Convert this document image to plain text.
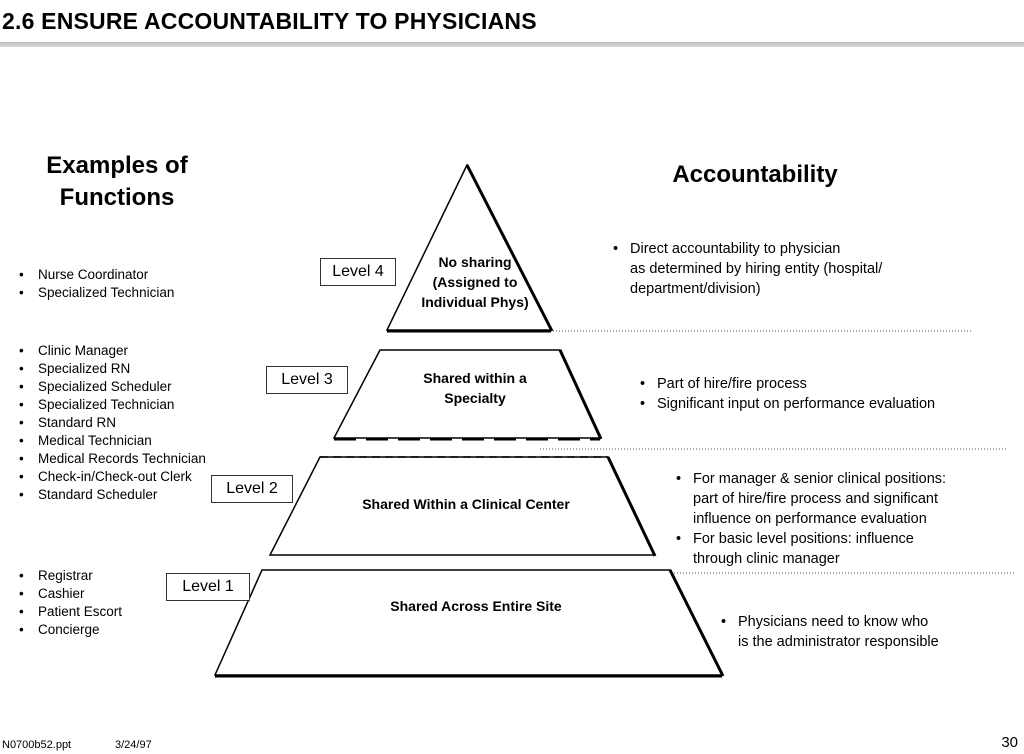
2.6 ENSURE ACCOUNTABILITY TO PHYSICIANS
Examples of
Functions
Accountability
No sharing
(Assigned to
Individual Phys)
Shared within a
Specialty
Shared Within a Clinical Center
Shared Across Entire Site
Level 4
Level 3
Level 2
Level 1
• Nurse Coordinator
• Specialized Technician
• Clinic Manager
• Specialized RN
• Specialized Scheduler
• Specialized Technician
• Standard RN
• Medical Technician
• Medical Records Technician
• Check-in/Check-out Clerk
• Standard Scheduler
• Registrar
• Cashier
• Patient Escort
• Concierge
• Direct accountability to physician
as determined by hiring entity (hospital/
department/division)
• Part of hire/fire process
• Significant input on performance evaluation
• For manager & senior clinical positions:
part of hire/fire process and significant
influence on performance evaluation
• For basic level positions: influence
through clinic manager
• Physicians need to know who
is the administrator responsible
N0700b52.ppt	3/24/97	30
